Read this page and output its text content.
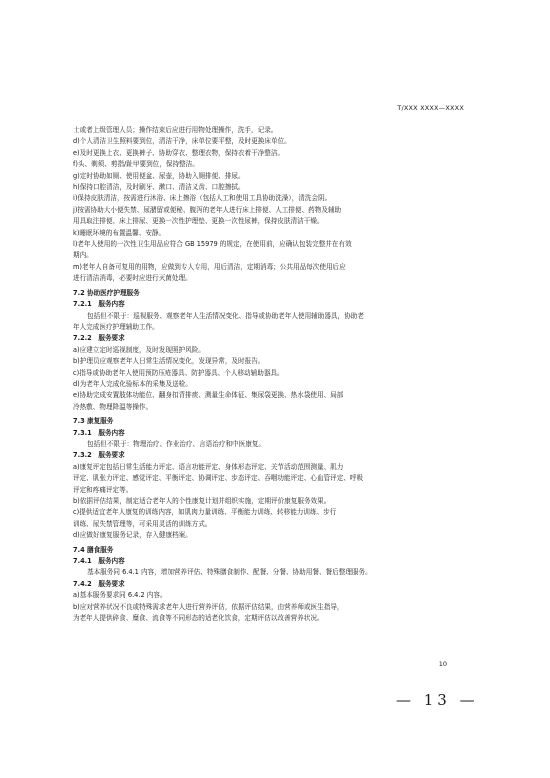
T/XXX XXXX—XXXX

士或者上级管理人员；操作结束后应进行用物处理操作，洗手，记录。

d)个人清洁卫生照料要到位，清洁干净，床单位要平整，及时更换床单位。

e)及时更换上衣、更换裤子、协助穿衣、整理衣物，保持衣着干净整洁。

f)头、剃须、剪指/趾甲要到位，保持整洁。

g)定时协助如厕、使用便盆、尿壶，协助入厕排便、排尿。

h)保持口腔清洁，及时刷牙、漱口、清洁义齿、口腔擦拭。

i)保持皮肤清洁，按需进行沐浴、床上擦浴（包括人工和使用工具协助洗澡），清洗会阴。

j)按需协助大小便失禁、尿潴留或便秘、腹泻的老年人进行床上排便、人工排便、药物及辅助

用具取注排便、床上排尿、更换一次性护理垫、更换一次性尿裤，保持皮肤清洁干燥。

k)睡眠环境的布置温馨、安静。

l)老年人使用的一次性卫生用品应符合 GB 15979 的规定，在使用前，应确认包装完整并在有效

期内。

m)老年人自备可复用的用物，应做到专人专用，用后清洁，定期消毒；公共用品每次使用后应

进行清洁消毒，必要时应进行灭菌处理。

7.2 协助医疗护理服务

7.2.1　服务内容

包括但不限于：巡视服务、观察老年人生活情况变化、指导或协助老年人使用辅助器具，协助老

年人完成医疗护理辅助工作。

7.2.2　服务要求

a)应建立定时巡视制度，及时发现照护风险。

b)护理员应观察老年人日常生活情况变化，发现异常，及时报告。

c)指导或协助老年人使用预防压疮器具、防护器具、个人移动辅助器具。

d)为老年人完成化验标本的采集及送检。

e)协助完成安置肢体功能位、翻身扣背排痰、测量生命体征、集尿袋更换、热水袋使用、局部

冷热敷、物理降温等操作。

7.3 康复服务

7.3.1　服务内容

包括但不限于：物理治疗、作业治疗、言语治疗和中医康复。

7.3.2　服务要求

a)康复评定包括日常生活能力评定、语言功能评定、身体形态评定、关节活动范围测量、肌力

评定、肌张力评定、感觉评定、平衡评定、协调评定、步态评定、吞咽功能评定、心血管评定、呼吸

评定和疼痛评定等。

b)依据评估结果，制定适合老年人的个性康复计划并组织实施，定期评价康复服务效果。

c)提供适宜老年人康复的训练内容，如肌肉力量训练、平衡能力训练、转移能力训练、步行

训练、尿失禁管理等，可采用灵活的训练方式。

d)应做好康复服务记录，存入健康档案。

7.4 膳食服务

7.4.1　服务内容

基本服务同 6.4.1 内容，增加营养评估、特殊膳食制作、配餐、分餐、协助用餐、餐后整理服务。

7.4.2　服务要求

a)基本服务要求同 6.4.2 内容。

b)应对营养状况不良或特殊需求老年人进行营养评估，依据评估结果，由营养师或医生指导，

为老年人提供碎食、糜食、流食等不同形态的适老化饮食，定期评估以改善营养状况。

10
— 13 —
